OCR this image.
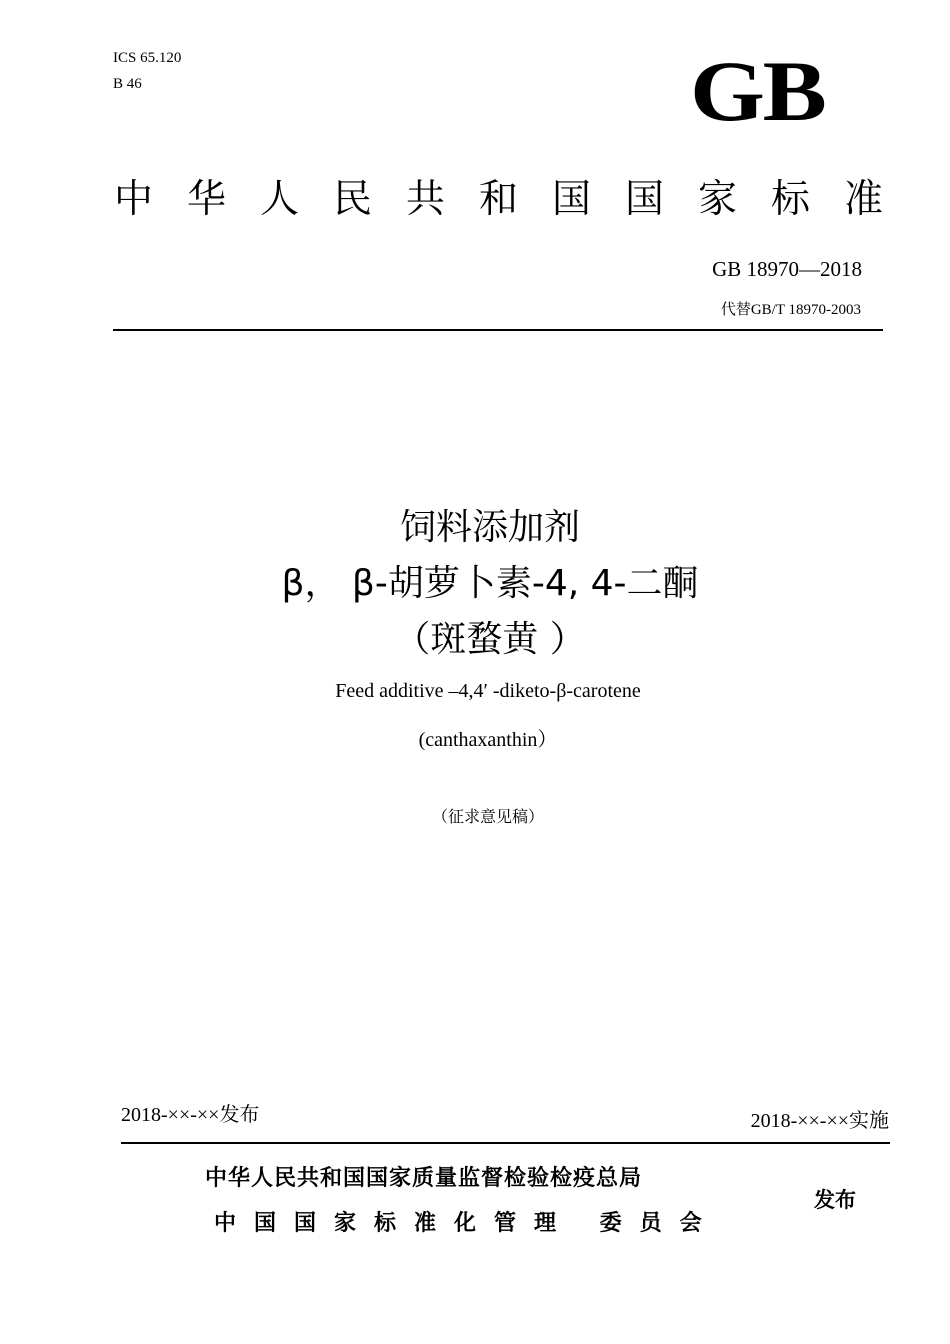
ICS 65.120
B 46	GB
中华人民共和国国家标准
GB 18970—2018
代替GB/T 18970-2003
饲料添加剂
β， β-胡萝卜素-4, 4-二酮
（斑蝥黄 ）
Feed additive –4,4′ -diketo-β-carotene
(canthaxanthin）
（征求意见稿）
2018-××-××发布	2018-××-××实施
中华人民共和国国家质量监督检验检疫总局
中国国家标准化管理 委员会
发布
